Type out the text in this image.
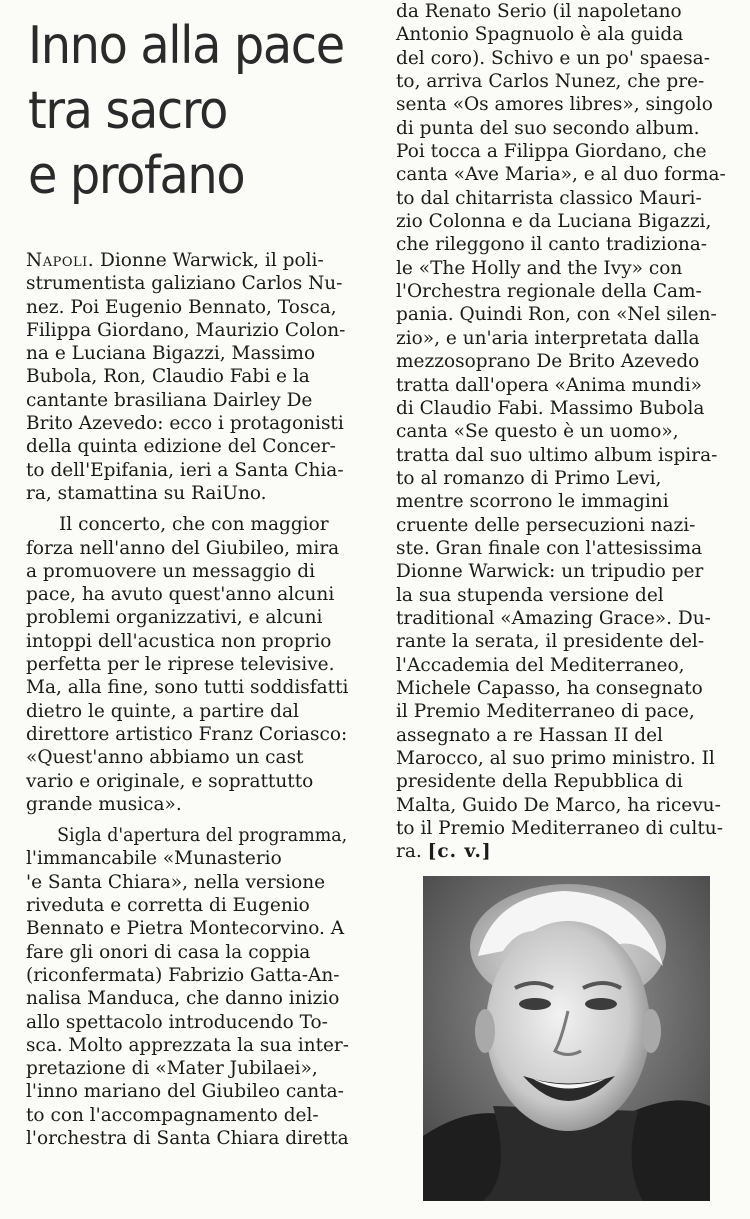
Inno alla pace
tra sacro
e profano
Napoli. Dionne Warwick, il poli-
strumentista galiziano Carlos Nu-
nez. Poi Eugenio Bennato, Tosca,
Filippa Giordano, Maurizio Colon-
na e Luciana Bigazzi, Massimo
Bubola, Ron, Claudio Fabi e la
cantante brasiliana Dairley De
Brito Azevedo: ecco i protagonisti
della quinta edizione del Concer-
to dell'Epifania, ieri a Santa Chia-
ra, stamattina su RaiUno.
Il concerto, che con maggior
forza nell'anno del Giubileo, mira
a promuovere un messaggio di
pace, ha avuto quest'anno alcuni
problemi organizzativi, e alcuni
intoppi dell'acustica non proprio
perfetta per le riprese televisive.
Ma, alla fine, sono tutti soddisfatti
dietro le quinte, a partire dal
direttore artistico Franz Coriasco:
«Quest'anno abbiamo un cast
vario e originale, e soprattutto
grande musica».
Sigla d'apertura del programma,
l'immancabile «Munasterio
'e Santa Chiara», nella versione
riveduta e corretta di Eugenio
Bennato e Pietra Montecorvino. A
fare gli onori di casa la coppia
(riconfermata) Fabrizio Gatta-An-
nalisa Manduca, che danno inizio
allo spettacolo introducendo To-
sca. Molto apprezzata la sua inter-
pretazione di «Mater Jubilaei»,
l'inno mariano del Giubileo canta-
to con l'accompagnamento del-
l'orchestra di Santa Chiara diretta
da Renato Serio (il napoletano
Antonio Spagnuolo è ala guida
del coro). Schivo e un po' spaesa-
to, arriva Carlos Nunez, che pre-
senta «Os amores libres», singolo
di punta del suo secondo album.
Poi tocca a Filippa Giordano, che
canta «Ave Maria», e al duo forma-
to dal chitarrista classico Mauri-
zio Colonna e da Luciana Bigazzi,
che rileggono il canto tradiziona-
le «The Holly and the Ivy» con
l'Orchestra regionale della Cam-
pania. Quindi Ron, con «Nel silen-
zio», e un'aria interpretata dalla
mezzosoprano De Brito Azevedo
tratta dall'opera «Anima mundi»
di Claudio Fabi. Massimo Bubola
canta «Se questo è un uomo»,
tratta dal suo ultimo album ispira-
to al romanzo di Primo Levi,
mentre scorrono le immagini
cruente delle persecuzioni nazi-
ste. Gran finale con l'attesissima
Dionne Warwick: un tripudio per
la sua stupenda versione del
traditional «Amazing Grace». Du-
rante la serata, il presidente del-
l'Accademia del Mediterraneo,
Michele Capasso, ha consegnato
il Premio Mediterraneo di pace,
assegnato a re Hassan II del
Marocco, al suo primo ministro. Il
presidente della Repubblica di
Malta, Guido De Marco, ha ricevu-
to il Premio Mediterraneo di cultu-
ra. [c. v.]
